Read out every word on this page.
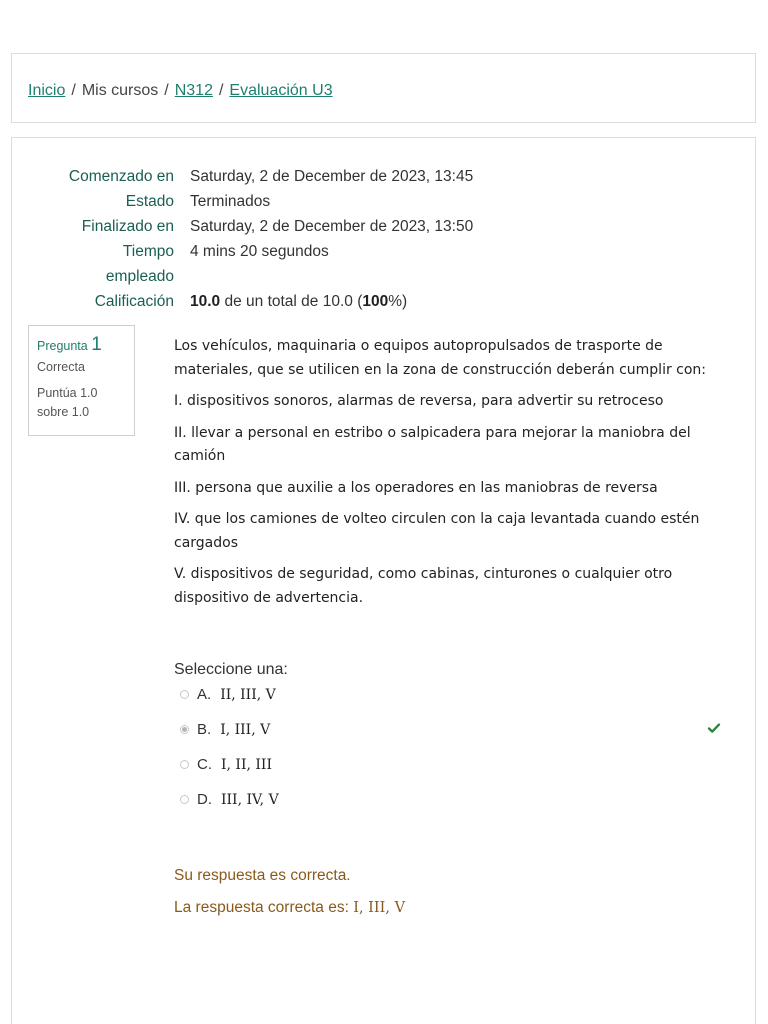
Inicio / Mis cursos / N312 / Evaluación U3
Comenzado en Saturday, 2 de December de 2023, 13:45
Estado Terminados
Finalizado en Saturday, 2 de December de 2023, 13:50
Tiempo
empleado
4 mins 20 segundos
Calificación 10.0 de un total de 10.0 (100%)
Pregunta 1
Correcta
Puntúa 1.0
sobre 1.0

Los vehículos, maquinaria o equipos autopropulsados de trasporte de materiales, que se utilicen en la zona de construcción deberán cumplir con:

I. dispositivos sonoros, alarmas de reversa, para advertir su retroceso

II. llevar a personal en estribo o salpicadera para mejorar la maniobra del camión

III. persona que auxilie a los operadores en las maniobras de reversa

IV. que los camiones de volteo circulen con la caja levantada cuando estén cargados

V. dispositivos de seguridad, como cabinas, cinturones o cualquier otro dispositivo de advertencia.

Seleccione una:
A. II, III, V
B. I, III, V
C. I, II, III
D. III, IV, V
Su respuesta es correcta.
La respuesta correcta es: I, III, V
